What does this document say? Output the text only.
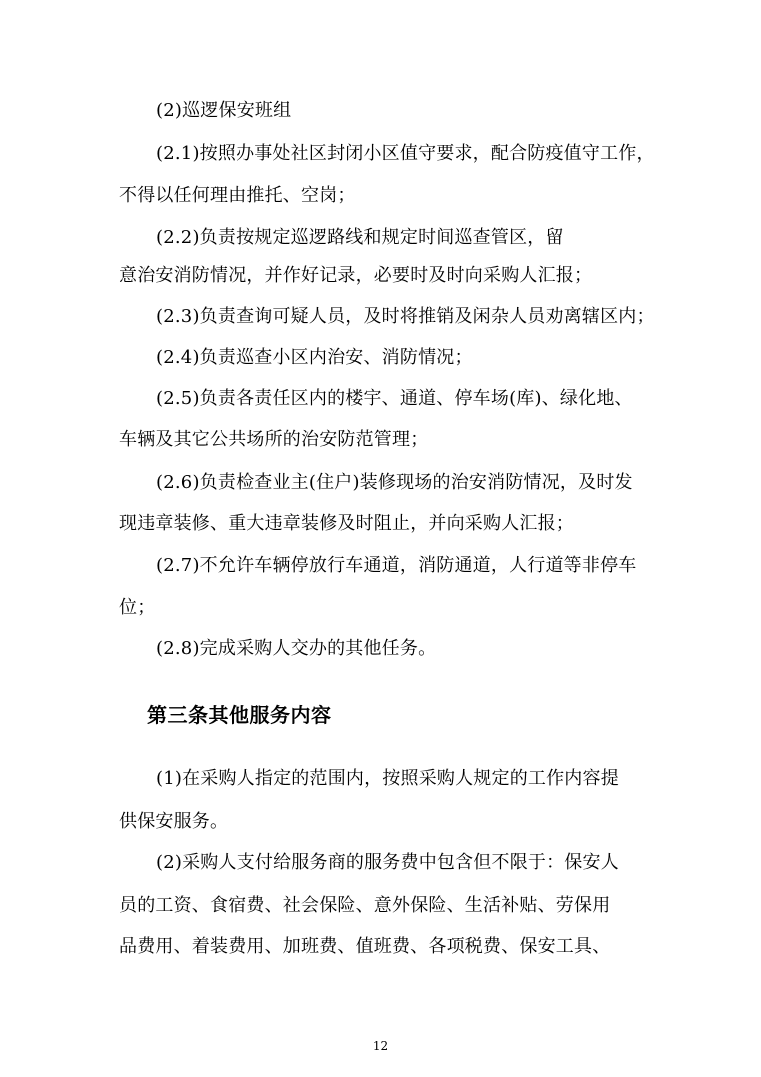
(2)巡逻保安班组
(2.1)按照办事处社区封闭小区值守要求，配合防疫值守工作，
不得以任何理由推托、空岗；
(2.2)负责按规定巡逻路线和规定时间巡查管区，留
意治安消防情况，并作好记录，必要时及时向采购人汇报；
(2.3)负责查询可疑人员，及时将推销及闲杂人员劝离辖区内；
(2.4)负责巡查小区内治安、消防情况；
(2.5)负责各责任区内的楼宇、通道、停车场(库)、绿化地、
车辆及其它公共场所的治安防范管理；
(2.6)负责检查业主(住户)装修现场的治安消防情况，及时发
现违章装修、重大违章装修及时阻止，并向采购人汇报；
(2.7)不允许车辆停放行车通道，消防通道，人行道等非停车
位；
(2.8)完成采购人交办的其他任务。
第三条其他服务内容
(1)在采购人指定的范围内，按照采购人规定的工作内容提
供保安服务。
(2)采购人支付给服务商的服务费中包含但不限于：保安人
员的工资、食宿费、社会保险、意外保险、生活补贴、劳保用
品费用、着装费用、加班费、值班费、各项税费、保安工具、
12
